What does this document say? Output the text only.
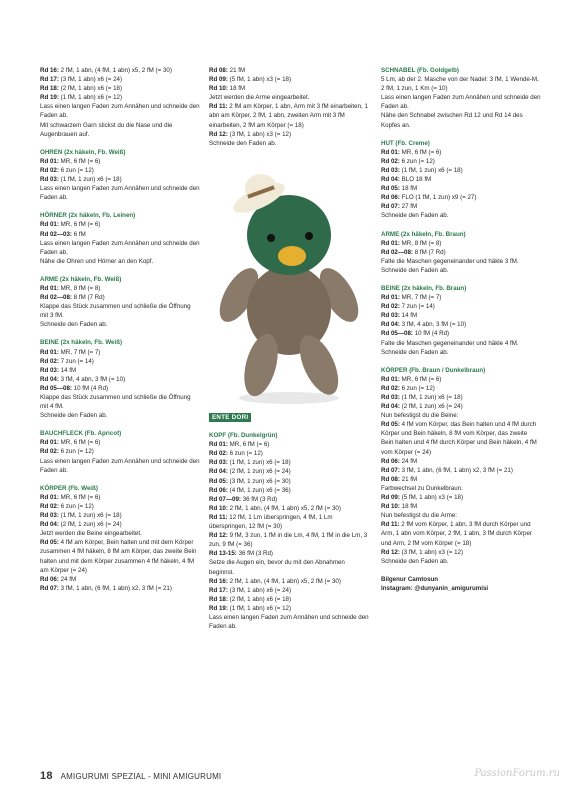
Rd 16: 2 fM, 1 abn, (4 fM, 1 abn) x5, 2 fM (= 30)
Rd 17: (3 fM, 1 abn) x6 (= 24)
Rd 18: (2 fM, 1 abn) x6 (= 18)
Rd 19: (1 fM, 1 abn) x6 (= 12)
Lass einen langen Faden zum Annähen und schneide den Faden ab.
Mit schwarzem Garn stickst du die Nase und die Augenbrauen auf.
OHREN (2x häkeln, Fb. Weiß)
Rd 01: MR, 6 fM (= 6)
Rd 02: 6 zun (= 12)
Rd 03: (1 fM, 1 zun) x6 (= 18)
Lass einen langen Faden zum Annähen und schneide den Faden ab.
HÖRNER (2x häkeln, Fb. Leinen)
Rd 01: MR, 6 fM (= 6)
Rd 02—03: 6 fM
Lass einen langen Faden zum Annähen und schneide den Faden ab.
Nähe die Ohren und Hörner an den Kopf.
ARME (2x häkeln, Fb. Weiß)
Rd 01: MR, 8 fM (= 8)
Rd 02—08: 8 fM (7 Rd)
Klappe das Stück zusammen und schließe die Öffnung mit 3 fM.
Schneide den Faden ab.
BEINE (2x häkeln, Fb. Weiß)
Rd 01: MR, 7 fM (= 7)
Rd 02: 7 zun (= 14)
Rd 03: 14 fM
Rd 04: 3 fM, 4 abn, 3 fM (= 10)
Rd 05—08: 10 fM (4 Rd)
Klappe das Stück zusammen und schließe die Öffnung mit 4 fM.
Schneide den Faden ab.
BAUCHFLECK (Fb. Apricot)
Rd 01: MR, 6 fM (= 6)
Rd 02: 6 zun (= 12)
Lass einen langen Faden zum Annähen und schneide den Faden ab.
KÖRPER (Fb. Weiß)
Rd 01: MR, 6 fM (= 6)
Rd 02: 6 zun (= 12)
Rd 03: (1 fM, 1 zun) x6 (= 18)
Rd 04: (2 fM, 1 zun) x6 (= 24)
Jetzt werden die Beine eingearbeitet.
Rd 05: 4 fM am Körper, Bein halten und mit dem Körper zusammen 4 fM häkeln, 8 fM am Körper, das zweite Bein halten und mit dem Körper zusammen 4 fM häkeln, 4 fM am Körper (= 24)
Rd 06: 24 fM
Rd 07: 3 fM, 1 abn, (6 fM, 1 abn) x2, 3 fM (= 21)
Rd 08: 21 fM
Rd 09: (5 fM, 1 abn) x3 (= 18)
Rd 10: 18 fM
Jetzt werden die Arme eingearbeitet.
Rd 11: 2 fM am Körper, 1 abn, Arm mit 3 fM einarbeiten, 1 abn am Körper, 2 fM, 1 abn, zweiten Arm mit 3 fM einarbeiten, 2 fM am Körper (= 18)
Rd 12: (3 fM, 1 abn) x3 (= 12)
Schneide den Faden ab.
ENTE DORI
KOPF (Fb. Dunkelgrün)
Rd 01: MR, 6 fM (= 6)
Rd 02: 6 zun (= 12)
Rd 03: (1 fM, 1 zun) x6 (= 18)
Rd 04: (2 fM, 1 zun) x6 (= 24)
Rd 05: (3 fM, 1 zun) x6 (= 30)
Rd 06: (4 fM, 1 zun) x6 (= 36)
Rd 07—09: 36 fM (3 Rd)
Rd 10: 2 fM, 1 abn, (4 fM, 1 abn) x5, 2 fM (= 30)
Rd 11: 12 fM, 1 Lm überspringen, 4 fM, 1 Lm überspringen, 12 fM (= 30)
Rd 12: 9 fM, 3 zun, 1 fM in die Lm, 4 fM, 1 fM in die Lm, 3 zun, 9 fM (= 36)
Rd 13-15: 36 fM (3 Rd)
Setze die Augen ein, bevor du mit den Abnahmen beginnst.
Rd 16: 2 fM, 1 abn, (4 fM, 1 abn) x5, 2 fM (= 30)
Rd 17: (3 fM, 1 abn) x6 (= 24)
Rd 18: (2 fM, 1 abn) x6 (= 18)
Rd 19: (1 fM, 1 abn) x6 (= 12)
Lass einen langen Faden zum Annähen und schneide den Faden ab.
SCHNABEL (Fb. Goldgelb)
5 Lm, ab der 2. Masche von der Nadel: 3 fM, 1 Wende-M, 2 fM, 1 zun, 1 Km (= 10)
Lass einen langen Faden zum Annähen und schneide den Faden ab.
Nähe den Schnabel zwischen Rd 12 und Rd 14 des Kopfes an.
HUT (Fb. Creme)
Rd 01: MR, 6 fM (= 6)
Rd 02: 6 zun (= 12)
Rd 03: (1 fM, 1 zun) x6 (= 18)
Rd 04: BLO 18 fM
Rd 05: 18 fM
Rd 06: FLO (1 fM, 1 zun) x9 (= 27)
Rd 07: 27 fM
Schneide den Faden ab.
ARME (2x häkeln, Fb. Braun)
Rd 01: MR, 8 fM (= 8)
Rd 02—08: 8 fM (7 Rd)
Falte die Maschen gegeneinander und häkle 3 fM. Schneide den Faden ab.
BEINE (2x häkeln, Fb. Braun)
Rd 01: MR, 7 fM (= 7)
Rd 02: 7 zun (= 14)
Rd 03: 14 fM
Rd 04: 3 fM, 4 abn, 3 fM (= 10)
Rd 05—08: 10 fM (4 Rd)
Falte die Maschen gegeneinander und häkle 4 fM. Schneide den Faden ab.
KÖRPER (Fb. Braun / Dunkelbraun)
Rd 01: MR, 6 fM (= 6)
Rd 02: 6 zun (= 12)
Rd 03: (1 fM, 1 zun) x6 (= 18)
Rd 04: (2 fM, 1 zun) x6 (= 24)
Nun befestigst du die Beine:
Rd 05: 4 fM vom Körper, das Bein halten und 4 fM durch Körper und Bein häkeln, 8 fM vom Körper, das zweite Bein halten und 4 fM durch Körper und Bein häkeln, 4 fM vom Körper (= 24)
Rd 06: 24 fM
Rd 07: 3 fM, 1 abn, (6 fM, 1 abn) x2, 3 fM (= 21)
Rd 08: 21 fM
Farbwechsel zu Dunkelbraun.
Rd 09: (5 fM, 1 abn) x3 (= 18)
Rd 10: 18 fM
Nun befestigst du die Arme:
Rd 11: 2 fM vom Körper, 1 abn, 3 fM durch Körper und Arm, 1 abn vom Körper, 2 fM, 1 abn, 3 fM durch Körper und Arm, 2 fM vom Körper (= 18)
Rd 12: (3 fM, 1 abn) x3 (= 12)
Schneide den Faden ab.
Bilgenur Camtosun
Instagram: @dunyanin_amigurumisi
18 AMIGURUMI SPEZIAL - MINI AMIGURUMI	PassionForum.ru
